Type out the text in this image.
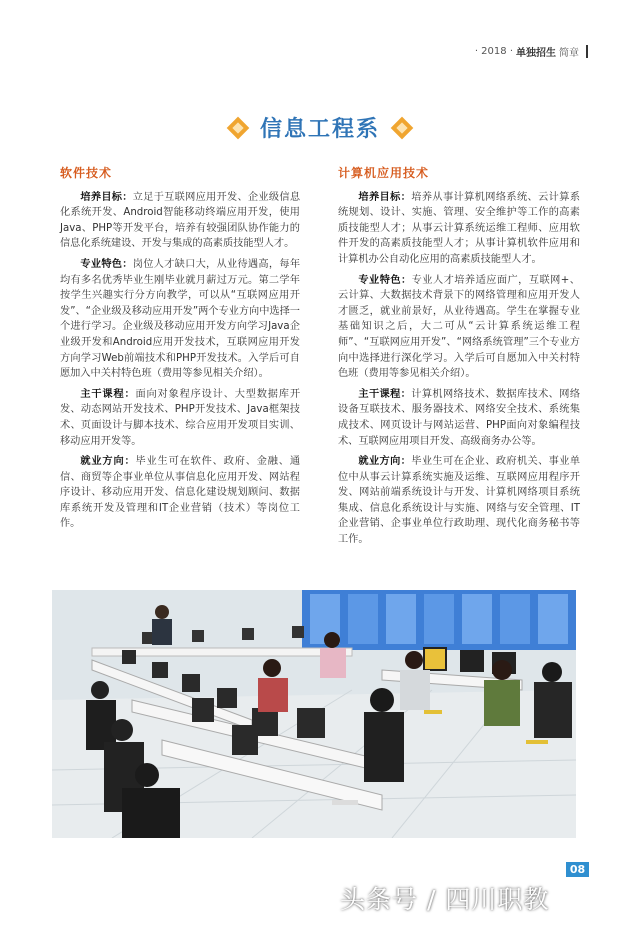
· 2018 · 单独招生 简章
信息工程系
软件技术

培养目标：立足于互联网应用开发、企业级信息化系统开发、Android智能移动终端应用开发，使用Java、PHP等开发平台，培养有较强团队协作能力的信息化系统建设、开发与集成的高素质技能型人才。

专业特色：岗位人才缺口大，从业待遇高，每年均有多名优秀毕业生刚毕业就月薪过万元。第二学年按学生兴趣实行分方向教学，可以从“互联网应用开发”、“企业级及移动应用开发”两个专业方向中选择一个进行学习。企业级及移动应用开发方向学习Java企业级开发和Android应用开发技术，互联网应用开发方向学习Web前端技术和PHP开发技术。入学后可自愿加入中关村特色班（费用等参见相关介绍）。

主干课程：面向对象程序设计、大型数据库开发、动态网站开发技术、PHP开发技术、Java框架技术、页面设计与脚本技术、综合应用开发项目实训、移动应用开发等。

就业方向：毕业生可在软件、政府、金融、通信、商贸等企事业单位从事信息化应用开发、网站程序设计、移动应用开发、信息化建设规划顾问、数据库系统开发及管理和IT企业营销（技术）等岗位工作。

计算机应用技术

培养目标：培养从事计算机网络系统、云计算系统规划、设计、实施、管理、安全维护等工作的高素质技能型人才；从事云计算系统运维工程师、应用软件开发的高素质技能型人才；从事计算机软件应用和计算机办公自动化应用的高素质技能型人才。

专业特色：专业人才培养适应面广，互联网+、云计算、大数据技术背景下的网络管理和应用开发人才匮乏，就业前景好，从业待遇高。学生在掌握专业基础知识之后，大二可从“云计算系统运维工程师”、“互联网应用开发”、“网络系统管理”三个专业方向中选择进行深化学习。入学后可自愿加入中关村特色班（费用等参见相关介绍）。

主干课程：计算机网络技术、数据库技术、网络设备互联技术、服务器技术、网络安全技术、系统集成技术、网页设计与网站运营、PHP面向对象编程技术、互联网应用项目开发、高级商务办公等。

就业方向：毕业生可在企业、政府机关、事业单位中从事云计算系统实施及运维、互联网应用程序开发、网站前端系统设计与开发、计算机网络项目系统集成、信息化系统设计与实施、网络与安全管理、IT企业营销、企事业单位行政助理、现代化商务秘书等工作。

08
头条号 / 四川职教
